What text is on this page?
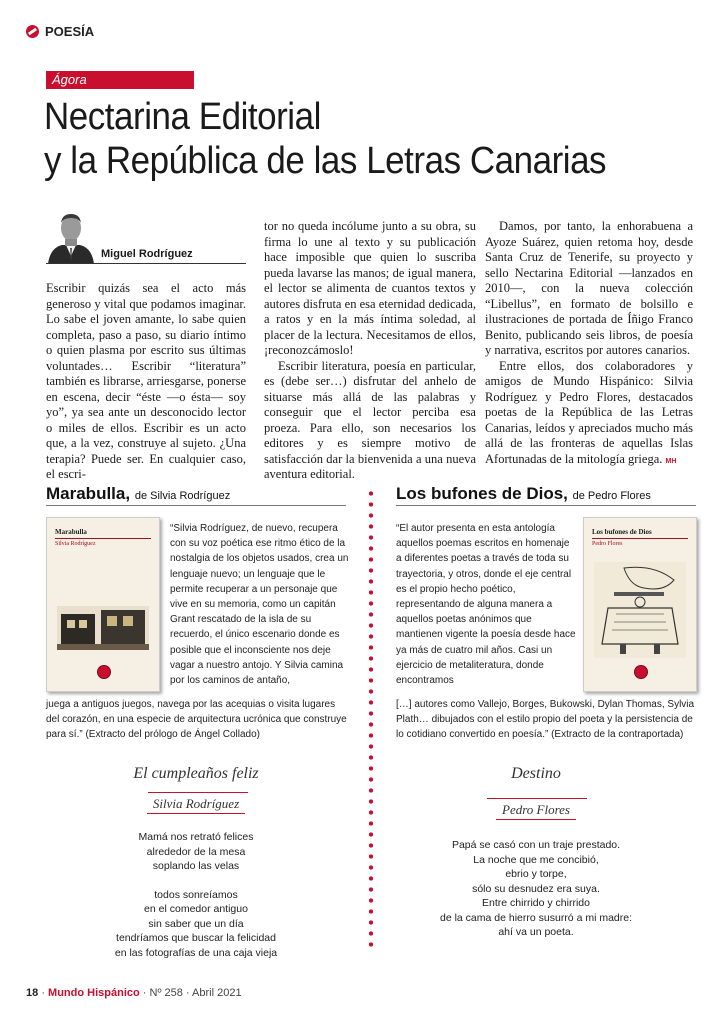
POESÍA
Ágora
Nectarina Editorial
y la República de las Letras Canarias
Miguel Rodríguez

Escribir quizás sea el acto más generoso y vital que podamos imaginar. Lo sabe el joven amante, lo sabe quien completa, paso a paso, su diario íntimo o quien plasma por escrito sus últimas voluntades… Escribir “literatura” también es librarse, arriesgarse, ponerse en escena, decir “éste —o ésta— soy yo”, ya sea ante un desconocido lector o miles de ellos. Escribir es un acto que, a la vez, construye al sujeto. ¿Una terapia? Puede ser. En cualquier caso, el escri-

tor no queda incólume junto a su obra, su firma lo une al texto y su publicación hace imposible que quien lo suscriba pueda lavarse las manos; de igual manera, el lector se alimenta de cuantos textos y autores disfruta en esa eternidad dedicada, a ratos y en la más íntima soledad, al placer de la lectura. Necesitamos de ellos, ¡reconozcámoslo!

Escribir literatura, poesía en particular, es (debe ser…) disfrutar del anhelo de situarse más allá de las palabras y conseguir que el lector perciba esa proeza. Para ello, son necesarios los editores y es siempre motivo de satisfacción dar la bienvenida a una nueva aventura editorial.

Damos, por tanto, la enhorabuena a Ayoze Suárez, quien retoma hoy, desde Santa Cruz de Tenerife, su proyecto y sello Nectarina Editorial —lanzados en 2010—, con la nueva colección “Libellus”, en formato de bolsillo e ilustraciones de portada de Íñigo Franco Benito, publicando seis libros, de poesía y narrativa, escritos por autores canarios.

Entre ellos, dos colaboradores y amigos de Mundo Hispánico: Silvia Rodríguez y Pedro Flores, destacados poetas de la República de las Letras Canarias, leídos y apreciados mucho más allá de las fronteras de aquellas Islas Afortunadas de la mitología griega. MH

Marabulla, de Silvia Rodríguez
Marabulla
Silvia Rodríguez
“Silvia Rodríguez, de nuevo, recupera con su voz poética ese ritmo ético de la nostalgia de los objetos usados, crea un lenguaje nuevo; un lenguaje que le permite recuperar a un personaje que vive en su memoria, como un capitán Grant rescatado de la isla de su recuerdo, el único escenario donde es posible que el inconsciente nos deje vagar a nuestro antojo. Y Silvia camina por los caminos de antaño,
juega a antiguos juegos, navega por las acequias o visita lugares del corazón, en una especie de arquitectura ucrónica que construye para sí.” (Extracto del prólogo de Ángel Collado)
Los bufones de Dios, de Pedro Flores
“El autor presenta en esta antología aquellos poemas escritos en homenaje a diferentes poetas a través de toda su trayectoria, y otros, donde el eje central es el propio hecho poético, representando de alguna manera a aquellos poetas anónimos que mantienen vigente la poesía desde hace ya más de cuatro mil años. Casi un ejercicio de metaliteratura, donde encontramos
Los bufones de Dios
Pedro Flores
[…] autores como Vallejo, Borges, Bukowski, Dylan Thomas, Sylvia Plath… dibujados con el estilo propio del poeta y la persistencia de lo cotidiano convertido en poesía.” (Extracto de la contraportada)
El cumpleaños feliz
Silvia Rodríguez

Mamá nos retrató felices

alrededor de la mesa

soplando las velas

todos sonreíamos

en el comedor antiguo

sin saber que un día

tendríamos que buscar la felicidad

en las fotografías de una caja vieja

Destino
Pedro Flores

Papá se casó con un traje prestado.

La noche que me concibió,

ebrio y torpe,

sólo su desnudez era suya.

Entre chirrido y chirrido

de la cama de hierro susurró a mi madre:

ahí va un poeta.

18 · Mundo Hispánico · Nº 258 · Abril 2021
